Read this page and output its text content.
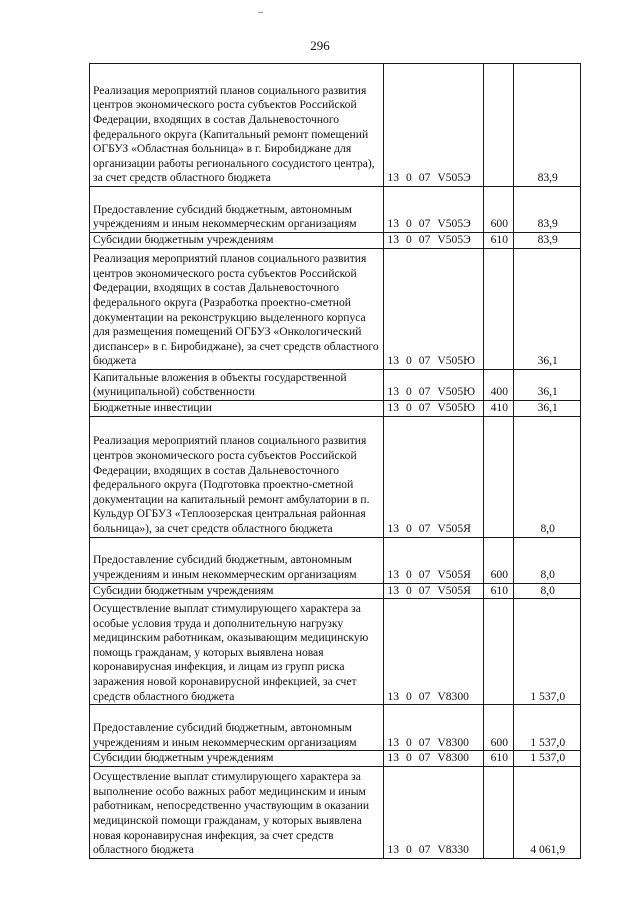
296
Реализация мероприятий планов социального развития центров экономического роста субъектов Российской Федерации, входящих в состав Дальневосточного федерального округа (Капитальный ремонт помещений ОГБУЗ «Областная больница» в г. Биробиджане для организации работы регионального сосудистого центра), за счет средств областного бюджета	13 0 07 V505Э		83,9
Предоставление субсидий бюджетным, автономным учреждениям и иным некоммерческим организациям	13 0 07 V505Э	600	83,9
Субсидии бюджетным учреждениям	13 0 07 V505Э	610	83,9
Реализация мероприятий планов социального развития центров экономического роста субъектов Российской Федерации, входящих в состав Дальневосточного федерального округа (Разработка проектно-сметной документации на реконструкцию выделенного корпуса для размещения помещений ОГБУЗ «Онкологический диспансер» в г. Биробиджане), за счет средств областного бюджета	13 0 07 V505Ю		36,1
Капитальные вложения в объекты государственной (муниципальной) собственности	13 0 07 V505Ю	400	36,1
Бюджетные инвестиции	13 0 07 V505Ю	410	36,1
Реализация мероприятий планов социального развития центров экономического роста субъектов Российской Федерации, входящих в состав Дальневосточного федерального округа (Подготовка проектно-сметной документации на капитальный ремонт амбулатории в п. Кульдур ОГБУЗ «Теплоозерская центральная районная больница»), за счет средств областного бюджета	13 0 07 V505Я		8,0
Предоставление субсидий бюджетным, автономным учреждениям и иным некоммерческим организациям	13 0 07 V505Я	600	8,0
Субсидии бюджетным учреждениям	13 0 07 V505Я	610	8,0
Осуществление выплат стимулирующего характера за особые условия труда и дополнительную нагрузку медицинским работникам, оказывающим медицинскую помощь гражданам, у которых выявлена новая коронавирусная инфекция, и лицам из групп риска заражения новой коронавирусной инфекцией, за счет средств областного бюджета	13 0 07 V8300		1 537,0
Предоставление субсидий бюджетным, автономным учреждениям и иным некоммерческим организациям	13 0 07 V8300	600	1 537,0
Субсидии бюджетным учреждениям	13 0 07 V8300	610	1 537,0
Осуществление выплат стимулирующего характера за выполнение особо важных работ медицинским и иным работникам, непосредственно участвующим в оказании медицинской помощи гражданам, у которых выявлена новая коронавирусная инфекция, за счет средств областного бюджета	13 0 07 V8330		4 061,9
